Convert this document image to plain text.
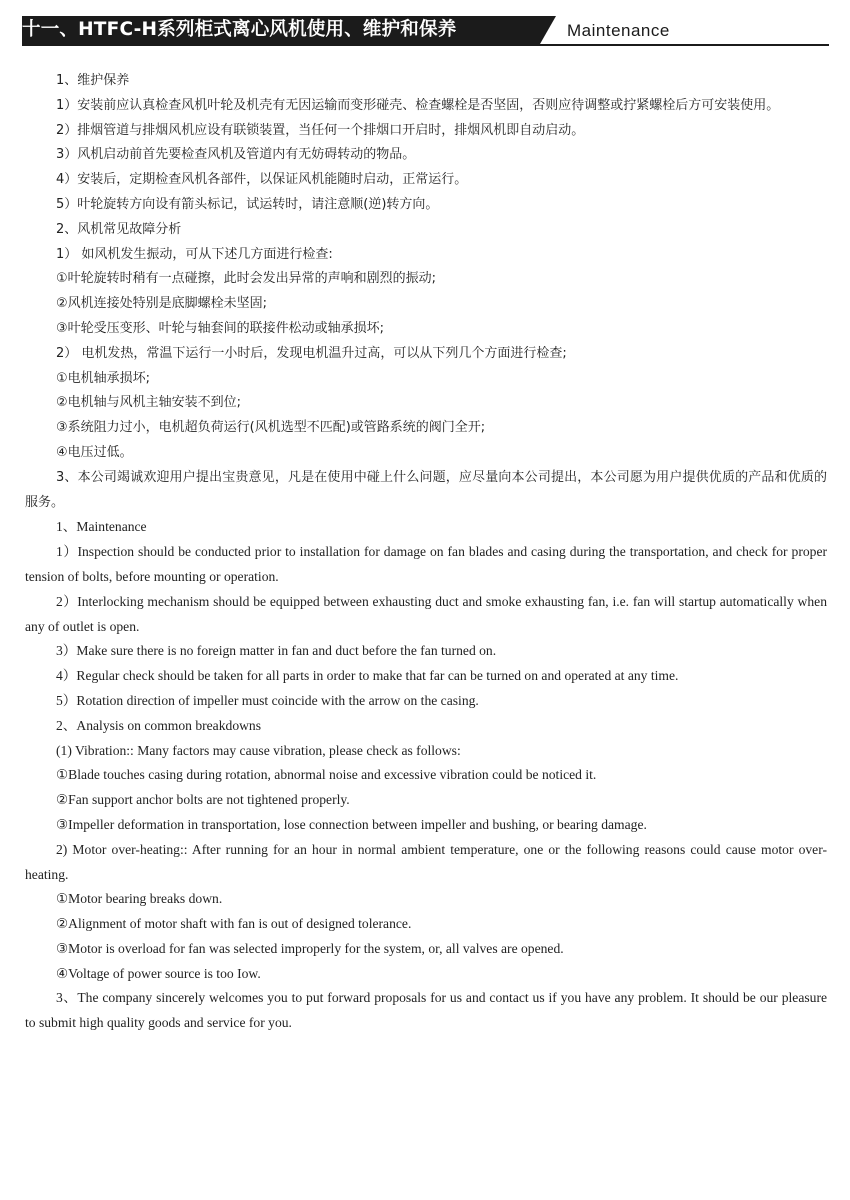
十一、HTFC-H系列柜式离心风机使用、维护和保养	Maintenance

1、维护保养

1）安装前应认真检查风机叶轮及机壳有无因运输而变形碰壳、检查螺栓是否坚固，否则应待调整或拧紧螺栓后方可安装使用。

2）排烟管道与排烟风机应设有联锁装置，当任何一个排烟口开启时，排烟风机即自动启动。

3）风机启动前首先要检查风机及管道内有无妨碍转动的物品。

4）安装后，定期检查风机各部件，以保证风机能随时启动，正常运行。

5）叶轮旋转方向设有箭头标记，试运转时，请注意顺(逆)转方向。

2、风机常见故障分析

1） 如风机发生振动，可从下述几方面进行检查:

①叶轮旋转时稍有一点碰擦，此时会发出异常的声响和剧烈的振动;

②风机连接处特别是底脚螺栓未坚固;

③叶轮受压变形、叶轮与轴套间的联接件松动或轴承损坏;

2） 电机发热，常温下运行一小时后，发现电机温升过高，可以从下列几个方面进行检查;

①电机轴承损坏;

②电机轴与风机主轴安装不到位;

③系统阻力过小，电机超负荷运行(风机选型不匹配)或管路系统的阀门全开;

④电压过低。

3、本公司竭诚欢迎用户提出宝贵意见，凡是在使用中碰上什么问题，应尽量向本公司提出，本公司愿为用户提供优质的产品和优质的服务。

1、Maintenance

1）Inspection should be conducted prior to installation for damage on fan blades and casing during the transportation, and check for proper tension of bolts, before mounting or operation.

2）Interlocking mechanism should be equipped between exhausting duct and smoke exhausting fan, i.e. fan will startup automatically when any of outlet is open.

3）Make sure there is no foreign matter in fan and duct before the fan turned on.

4）Regular check should be taken for all parts in order to make that far can be turned on and operated at any time.

5）Rotation direction of impeller must coincide with the arrow on the casing.

2、Analysis on common breakdowns

(1) Vibration:: Many factors may cause vibration, please check as follows:

①Blade touches casing during rotation, abnormal noise and excessive vibration could be noticed it.

②Fan support anchor bolts are not tightened properly.

③Impeller deformation in transportation, lose connection between impeller and bushing, or bearing damage.

2) Motor over-heating:: After running for an hour in normal ambient temperature, one or the following reasons could cause motor over-heating.

①Motor bearing breaks down.

②Alignment of motor shaft with fan is out of designed tolerance.

③Motor is overload for fan was selected improperly for the system, or, all valves are opened.

④Voltage of power source is too Iow.

3、The company sincerely welcomes you to put forward proposals for us and contact us if you have any problem. It should be our pleasure to submit high quality goods and service for you.
